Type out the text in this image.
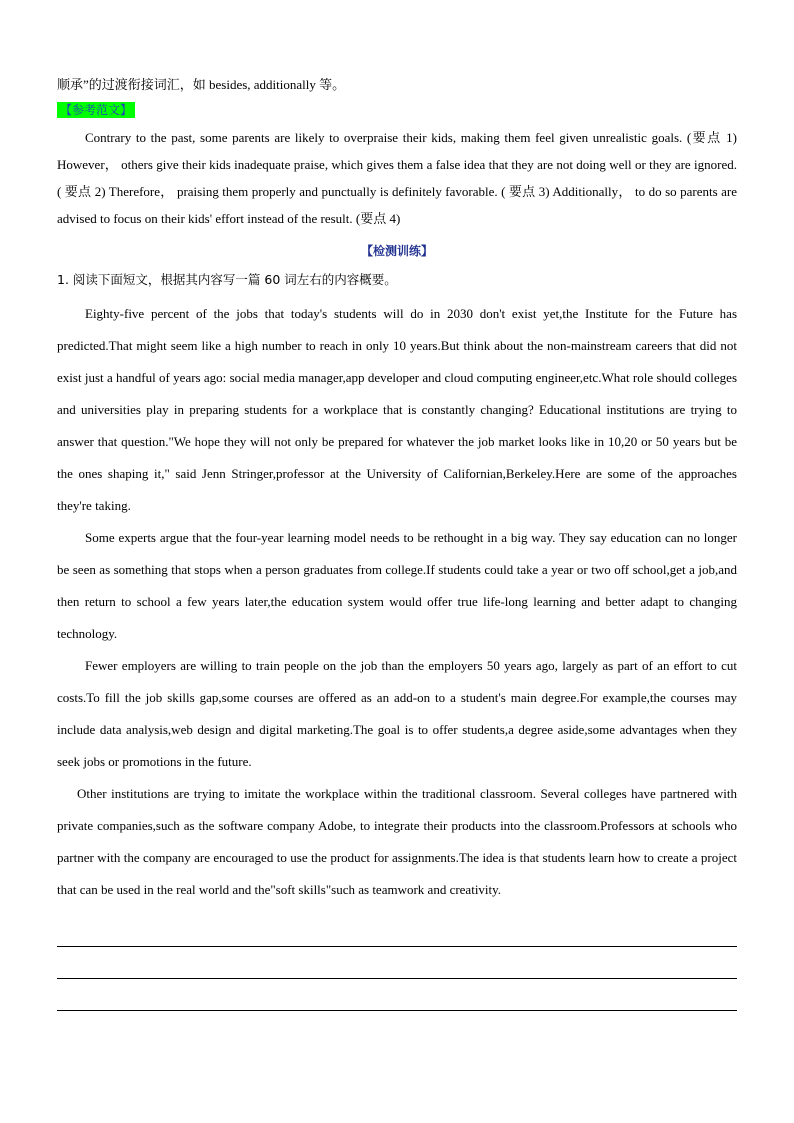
顺承”的过渡衔接词汇，如 besides, additionally 等。

【参考范文】

Contrary to the past, some parents are likely to overpraise their kids, making them feel given unrealistic goals. (要点 1) However， others give their kids inadequate praise, which gives them a false idea that they are not doing well or they are ignored. ( 要点 2) Therefore， praising them properly and punctually is definitely favorable. ( 要点 3) Additionally， to do so parents are advised to focus on their kids' effort instead of the result. (要点 4)

【检测训练】

1. 阅读下面短文，根据其内容写一篇 60 词左右的内容概要。

Eighty-five percent of the jobs that today's students will do in 2030 don't exist yet,the Institute for the Future has predicted.That might seem like a high number to reach in only 10 years.But think about the non-mainstream careers that did not exist just a handful of years ago: social media manager,app developer and cloud computing engineer,etc.What role should colleges and universities play in preparing students for a workplace that is constantly changing? Educational institutions are trying to answer that question."We hope they will not only be prepared for whatever the job market looks like in 10,20 or 50 years but be the ones shaping it," said Jenn Stringer,professor at the University of Californian,Berkeley.Here are some of the approaches they're taking.

Some experts argue that the four-year learning model needs to be rethought in a big way. They say education can no longer be seen as something that stops when a person graduates from college.If students could take a year or two off school,get a job,and then return to school a few years later,the education system would offer true life-long learning and better adapt to changing technology.

Fewer employers are willing to train people on the job than the employers 50 years ago, largely as part of an effort to cut costs.To fill the job skills gap,some courses are offered as an add-on to a student's main degree.For example,the courses may include data analysis,web design and digital marketing.The goal is to offer students,a degree aside,some advantages when they seek jobs or promotions in the future.

Other institutions are trying to imitate the workplace within the traditional classroom. Several colleges have partnered with private companies,such as the software company Adobe, to integrate their products into the classroom.Professors at schools who partner with the company are encouraged to use the product for assignments.The idea is that students learn how to create a project that can be used in the real world and the"soft skills"such as teamwork and creativity.
